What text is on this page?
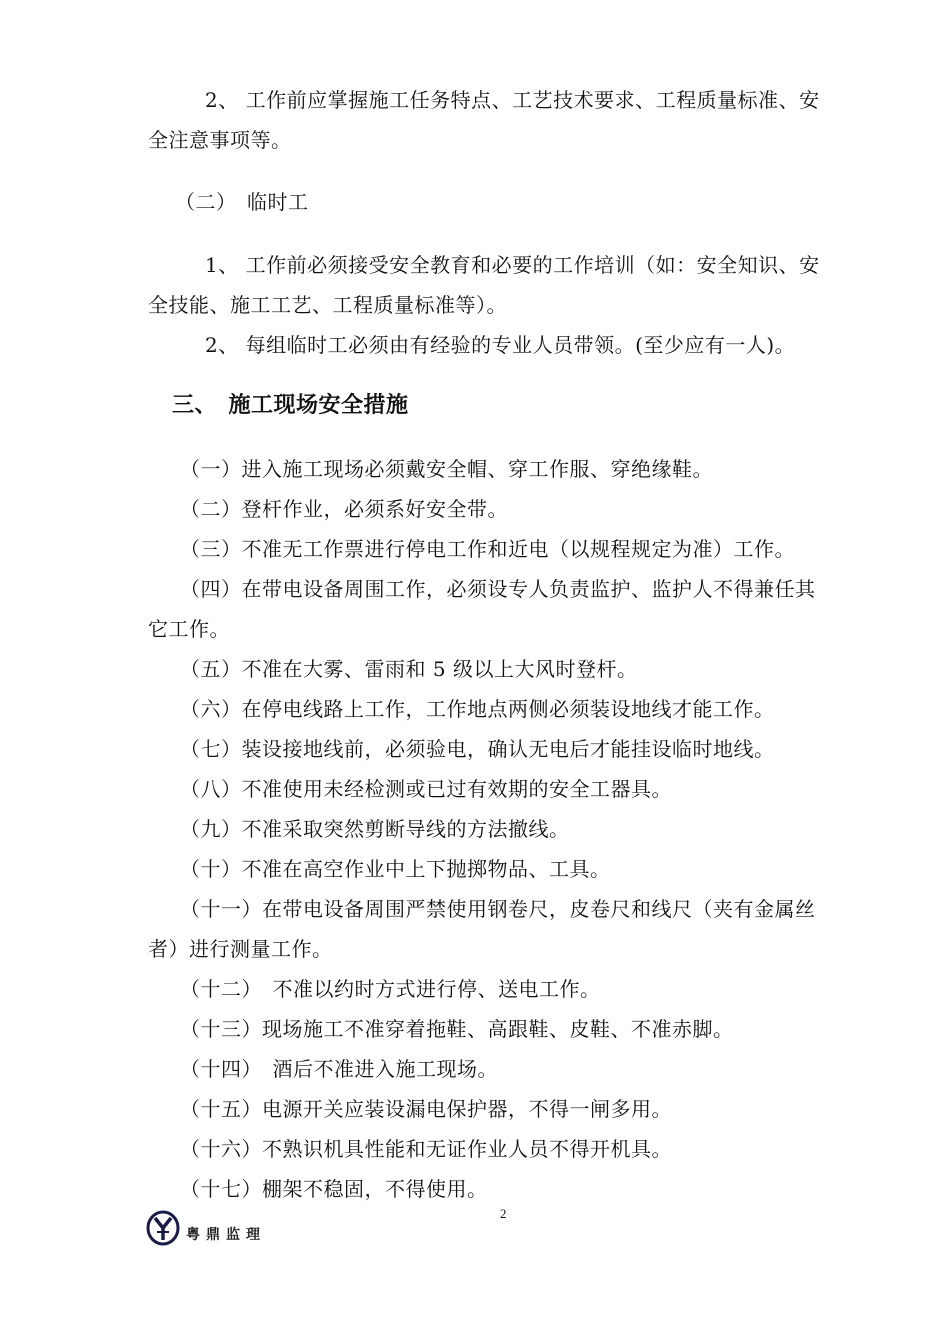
2、 工作前应掌握施工任务特点、工艺技术要求、工程质量标准、安
全注意事项等。
（二）　临时工
1、 工作前必须接受安全教育和必要的工作培训（如：安全知识、安
全技能、施工工艺、工程质量标准等）。
2、 每组临时工必须由有经验的专业人员带领。(至少应有一人)。
三、　施工现场安全措施
（一）进入施工现场必须戴安全帽、穿工作服、穿绝缘鞋。
（二）登杆作业，必须系好安全带。
（三）不准无工作票进行停电工作和近电（以规程规定为准）工作。
（四）在带电设备周围工作，必须设专人负责监护、监护人不得兼任其
它工作。
（五）不准在大雾、雷雨和 5 级以上大风时登杆。
（六）在停电线路上工作，工作地点两侧必须装设地线才能工作。
（七）装设接地线前，必须验电，确认无电后才能挂设临时地线。
（八）不准使用未经检测或已过有效期的安全工器具。
（九）不准采取突然剪断导线的方法撤线。
（十）不准在高空作业中上下抛掷物品、工具。
（十一）在带电设备周围严禁使用钢卷尺，皮卷尺和线尺（夹有金属丝
者）进行测量工作。
（十二）　不准以约时方式进行停、送电工作。
（十三）现场施工不准穿着拖鞋、高跟鞋、皮鞋、不准赤脚。
（十四）　酒后不准进入施工现场。
（十五）电源开关应装设漏电保护器，不得一闸多用。
（十六）不熟识机具性能和无证作业人员不得开机具。
（十七）棚架不稳固，不得使用。
2
粤鼎监理
